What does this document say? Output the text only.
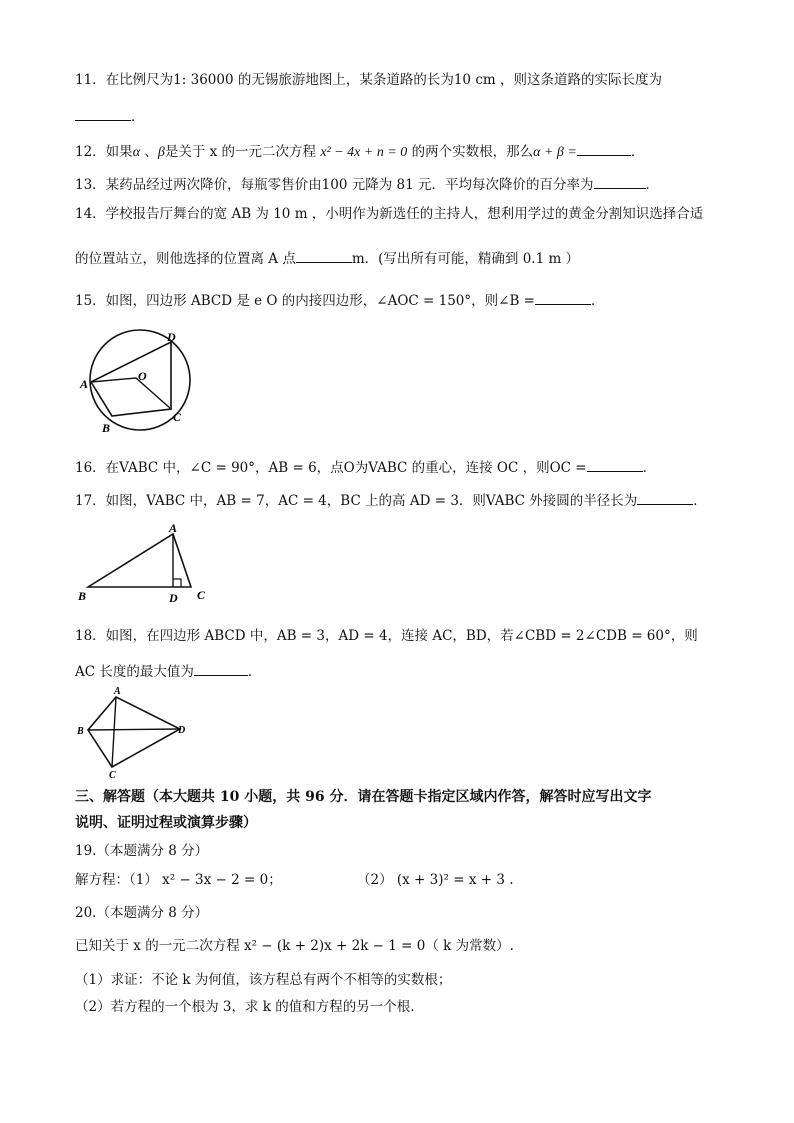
11．在比例尺为1: 36000 的无锡旅游地图上，某条道路的长为10 cm ，则这条道路的实际长度为
．
12．如果α 、β是关于 x 的一元二次方程 x² − 4x + n = 0 的两个实数根，那么α + β =	．
13．某药品经过两次降价，每瓶零售价由100 元降为 81 元．平均每次降价的百分率为	．
14．学校报告厅舞台的宽 AB 为 10 m ，小明作为新选任的主持人，想利用学过的黄金分割知识选择合适
的位置站立，则他选择的位置离 A 点	m．(写出所有可能，精确到 0.1 m ）
15．如图，四边形 ABCD 是 e O 的内接四边形，∠AOC = 150°，则∠B =	．
A
B
C
D
O
16．在VABC 中，∠C = 90°，AB = 6，点O为VABC 的重心，连接 OC ，则OC =	．
17．如图，VABC 中，AB = 7，AC = 4，BC 上的高 AD = 3．则VABC 外接圆的半径长为	．
A
B	D C
18．如图，在四边形 ABCD 中，AB = 3，AD = 4，连接 AC，BD，若∠CBD = 2∠CDB = 60°，则
AC 长度的最大值为	．
A
B
C
D
三、解答题（本大题共 10 小题，共 96 分．请在答题卡指定区域内作答，解答时应写出文字
说明、证明过程或演算步骤）
19.（本题满分 8 分）
解方程：（1） x² − 3x − 2 = 0；	（2） (x + 3)² = x + 3 .
20.（本题满分 8 分）
已知关于 x 的一元二次方程 x² − (k + 2)x + 2k − 1 = 0（ k 为常数）.
（1）求证：不论 k 为何值，该方程总有两个不相等的实数根；
（2）若方程的一个根为 3，求 k 的值和方程的另一个根.
